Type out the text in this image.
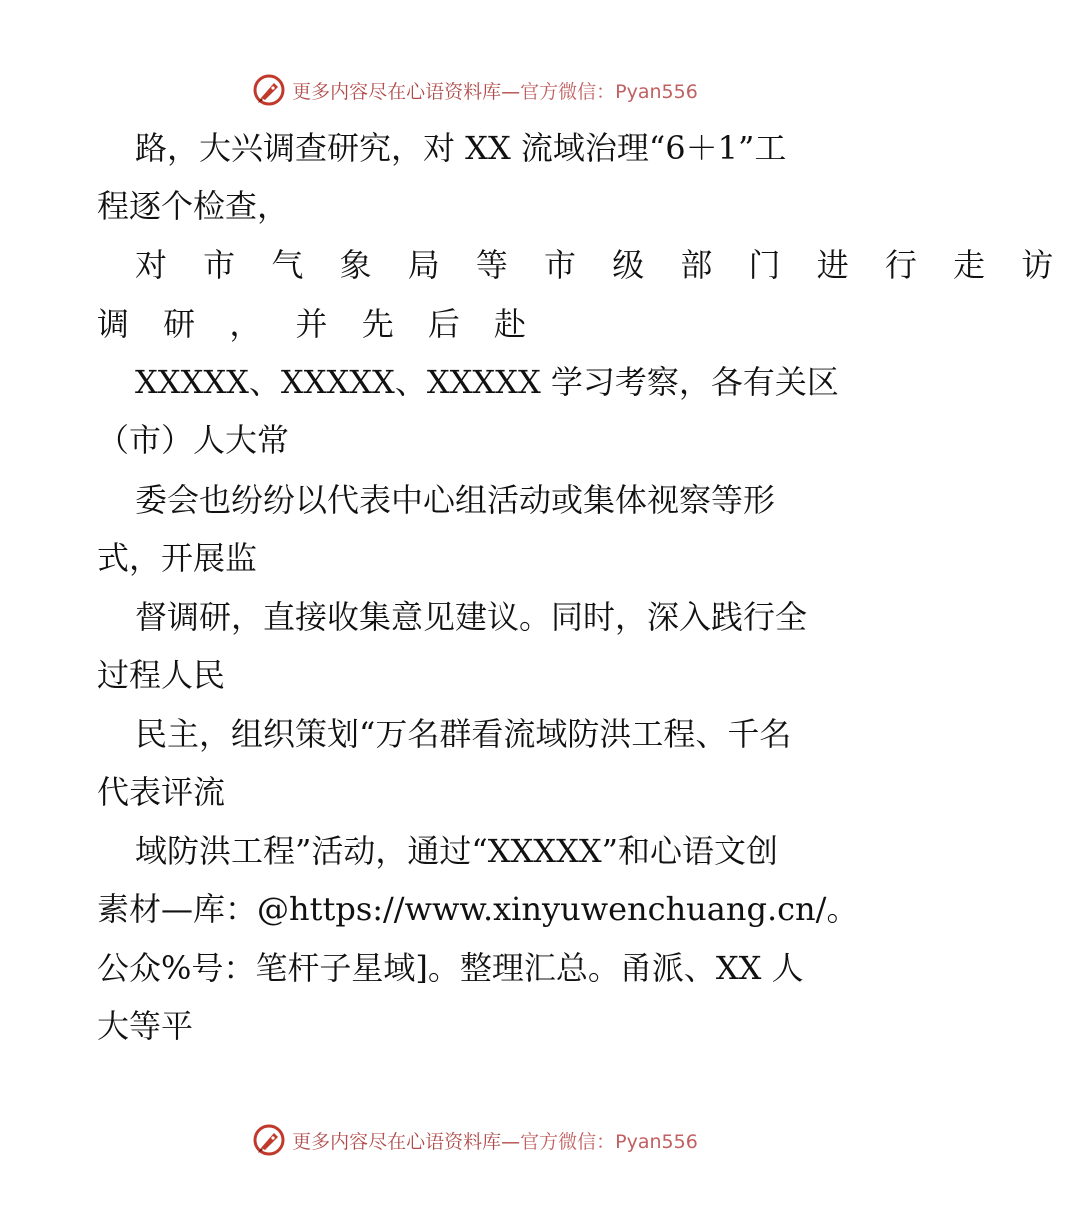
更多内容尽在心语资料库—官方微信：Pyan556
路，大兴调查研究，对 XX 流域治理“6＋1”工
程逐个检查，
对 市 气 象 局 等 市 级 部 门 进 行 走 访
调 研 ， 并 先 后 赴
XXXXX、XXXXX、XXXXX 学习考察，各有关区
（市）人大常
委会也纷纷以代表中心组活动或集体视察等形
式，开展监
督调研，直接收集意见建议。同时，深入践行全
过程人民
民主，组织策划“万名群看流域防洪工程、千名
代表评流
域防洪工程”活动，通过“XXXXX”和心语文创
素材—库：@https://www.xinyuwenchuang.cn/。
公众%号：笔杆子星域]。整理汇总。甬派、XX 人
大等平
更多内容尽在心语资料库—官方微信：Pyan556
